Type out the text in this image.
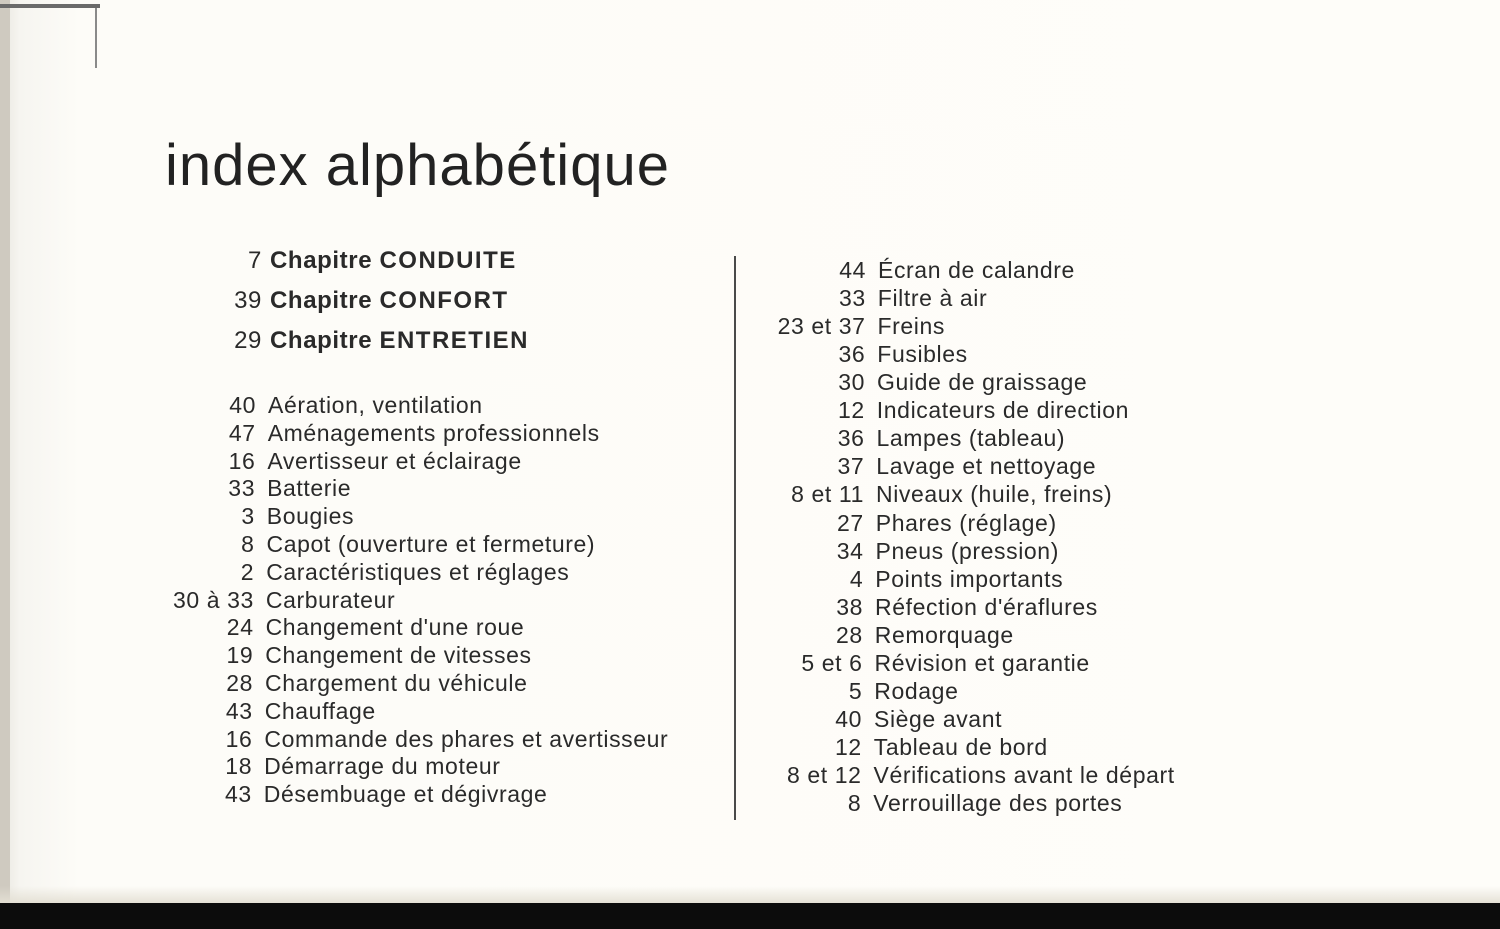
index alphabétique
7 Chapitre CONDUITE
39 Chapitre CONFORT
29 Chapitre ENTRETIEN
40 Aération, ventilation
47 Aménagements professionnels
16 Avertisseur et éclairage
33 Batterie
3 Bougies
8 Capot (ouverture et fermeture)
2 Caractéristiques et réglages
30 à 33 Carburateur
24 Changement d'une roue
19 Changement de vitesses
28 Chargement du véhicule
43 Chauffage
16 Commande des phares et avertisseur
18 Démarrage du moteur
43 Désembuage et dégivrage
44 Écran de calandre
33 Filtre à air
23 et 37 Freins
36 Fusibles
30 Guide de graissage
12 Indicateurs de direction
36 Lampes (tableau)
37 Lavage et nettoyage
8 et 11 Niveaux (huile, freins)
27 Phares (réglage)
34 Pneus (pression)
4 Points importants
38 Réfection d'éraflures
28 Remorquage
5 et 6 Révision et garantie
5 Rodage
40 Siège avant
12 Tableau de bord
8 et 12 Vérifications avant le départ
8 Verrouillage des portes
